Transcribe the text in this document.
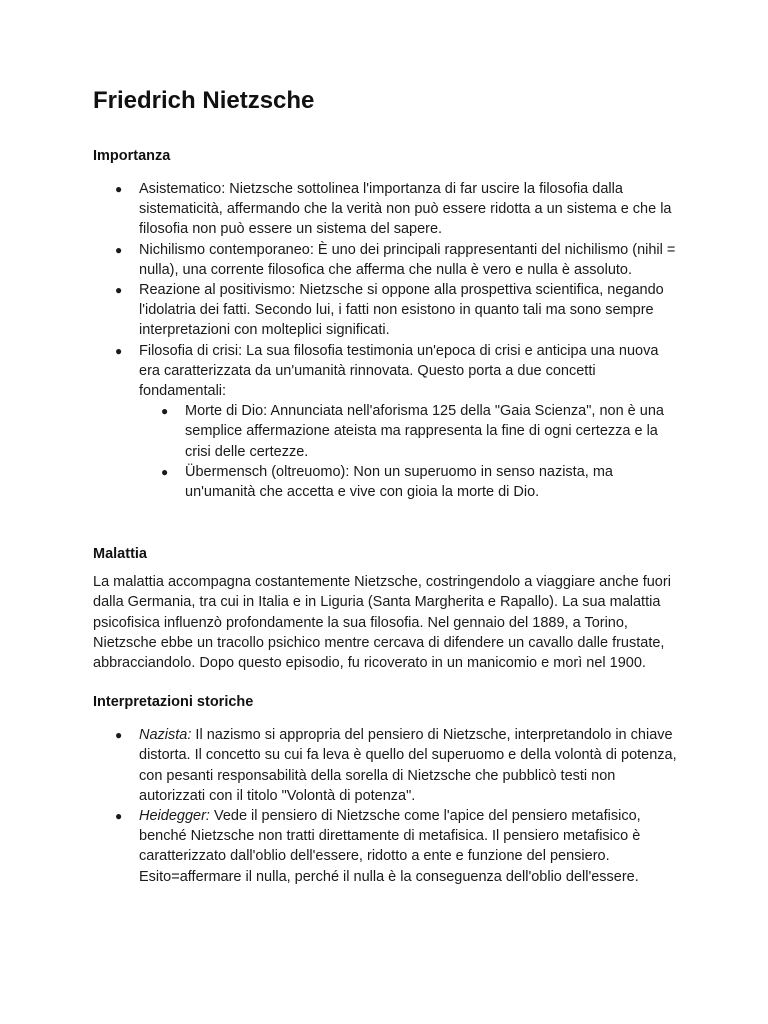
Friedrich Nietzsche
Importanza
● Asistematico: Nietzsche sottolinea l'importanza di far uscire la filosofia dalla sistematicità, affermando che la verità non può essere ridotta a un sistema e che la filosofia non può essere un sistema del sapere.
● Nichilismo contemporaneo: È uno dei principali rappresentanti del nichilismo (nihil = nulla), una corrente filosofica che afferma che nulla è vero e nulla è assoluto.
● Reazione al positivismo: Nietzsche si oppone alla prospettiva scientifica, negando l'idolatria dei fatti. Secondo lui, i fatti non esistono in quanto tali ma sono sempre interpretazioni con molteplici significati.
● Filosofia di crisi: La sua filosofia testimonia un'epoca di crisi e anticipa una nuova era caratterizzata da un'umanità rinnovata. Questo porta a due concetti fondamentali:
● Morte di Dio: Annunciata nell'aforisma 125 della "Gaia Scienza", non è una semplice affermazione ateista ma rappresenta la fine di ogni certezza e la crisi delle certezze.
● Übermensch (oltreuomo): Non un superuomo in senso nazista, ma un'umanità che accetta e vive con gioia la morte di Dio.
Malattia

La malattia accompagna costantemente Nietzsche, costringendolo a viaggiare anche fuori dalla Germania, tra cui in Italia e in Liguria (Santa Margherita e Rapallo). La sua malattia psicofisica influenzò profondamente la sua filosofia. Nel gennaio del 1889, a Torino, Nietzsche ebbe un tracollo psichico mentre cercava di difendere un cavallo dalle frustate, abbracciandolo. Dopo questo episodio, fu ricoverato in un manicomio e morì nel 1900.

Interpretazioni storiche
● Nazista: Il nazismo si appropria del pensiero di Nietzsche, interpretandolo in chiave distorta. Il concetto su cui fa leva è quello del superuomo e della volontà di potenza, con pesanti responsabilità della sorella di Nietzsche che pubblicò testi non autorizzati con il titolo "Volontà di potenza".
● Heidegger: Vede il pensiero di Nietzsche come l'apice del pensiero metafisico, benché Nietzsche non tratti direttamente di metafisica. Il pensiero metafisico è caratterizzato dall'oblio dell'essere, ridotto a ente e funzione del pensiero. Esito=affermare il nulla, perché il nulla è la conseguenza dell'oblio dell'essere.
